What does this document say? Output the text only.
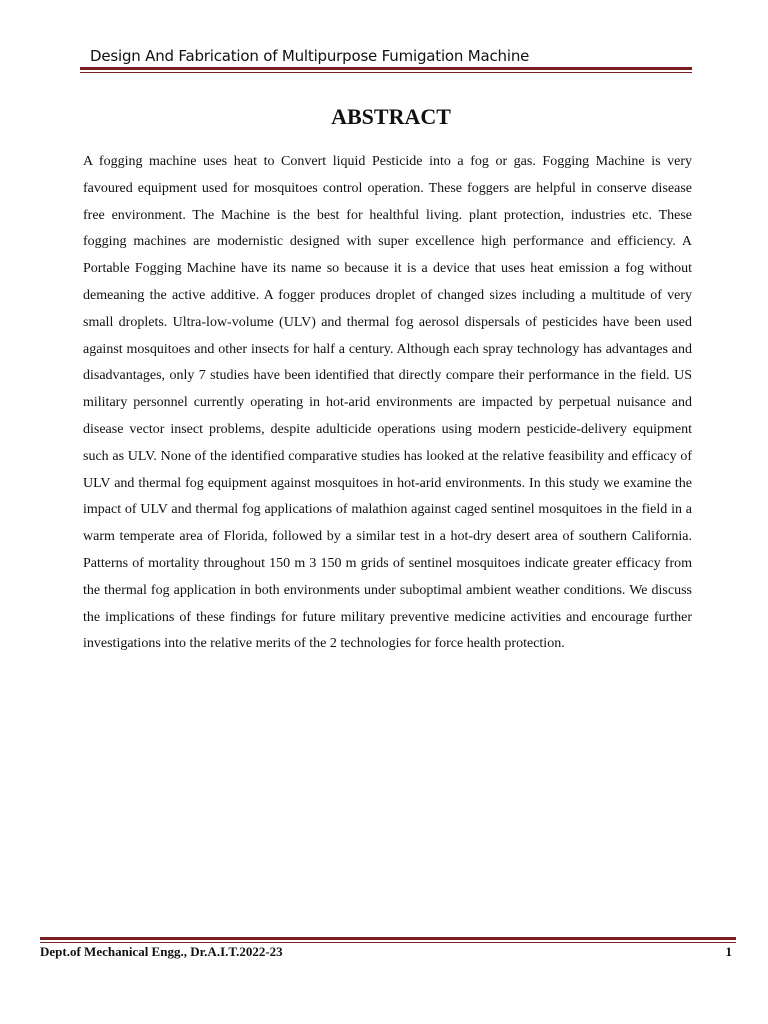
Design And Fabrication of Multipurpose Fumigation Machine
ABSTRACT

A fogging machine uses heat to Convert liquid Pesticide into a fog or gas. Fogging Machine is very favoured equipment used for mosquitoes control operation. These foggers are helpful in conserve disease free environment. The Machine is the best for healthful living. plant protection, industries etc. These fogging machines are modernistic designed with super excellence high performance and efficiency. A Portable Fogging Machine have its name so because it is a device that uses heat emission a fog without demeaning the active additive. A fogger produces droplet of changed sizes including a multitude of very small droplets. Ultra-low-volume (ULV) and thermal fog aerosol dispersals of pesticides have been used against mosquitoes and other insects for half a century. Although each spray technology has advantages and disadvantages, only 7 studies have been identified that directly compare their performance in the field. US military personnel currently operating in hot-arid environments are impacted by perpetual nuisance and disease vector insect problems, despite adulticide operations using modern pesticide-delivery equipment such as ULV. None of the identified comparative studies has looked at the relative feasibility and efficacy of ULV and thermal fog equipment against mosquitoes in hot-arid environments. In this study we examine the impact of ULV and thermal fog applications of malathion against caged sentinel mosquitoes in the field in a warm temperate area of Florida, followed by a similar test in a hot-dry desert area of southern California. Patterns of mortality throughout 150 m 3 150 m grids of sentinel mosquitoes indicate greater efficacy from the thermal fog application in both environments under suboptimal ambient weather conditions. We discuss the implications of these findings for future military preventive medicine activities and encourage further investigations into the relative merits of the 2 technologies for force health protection.

Dept.of Mechanical Engg., Dr.A.I.T.2022-23	1
